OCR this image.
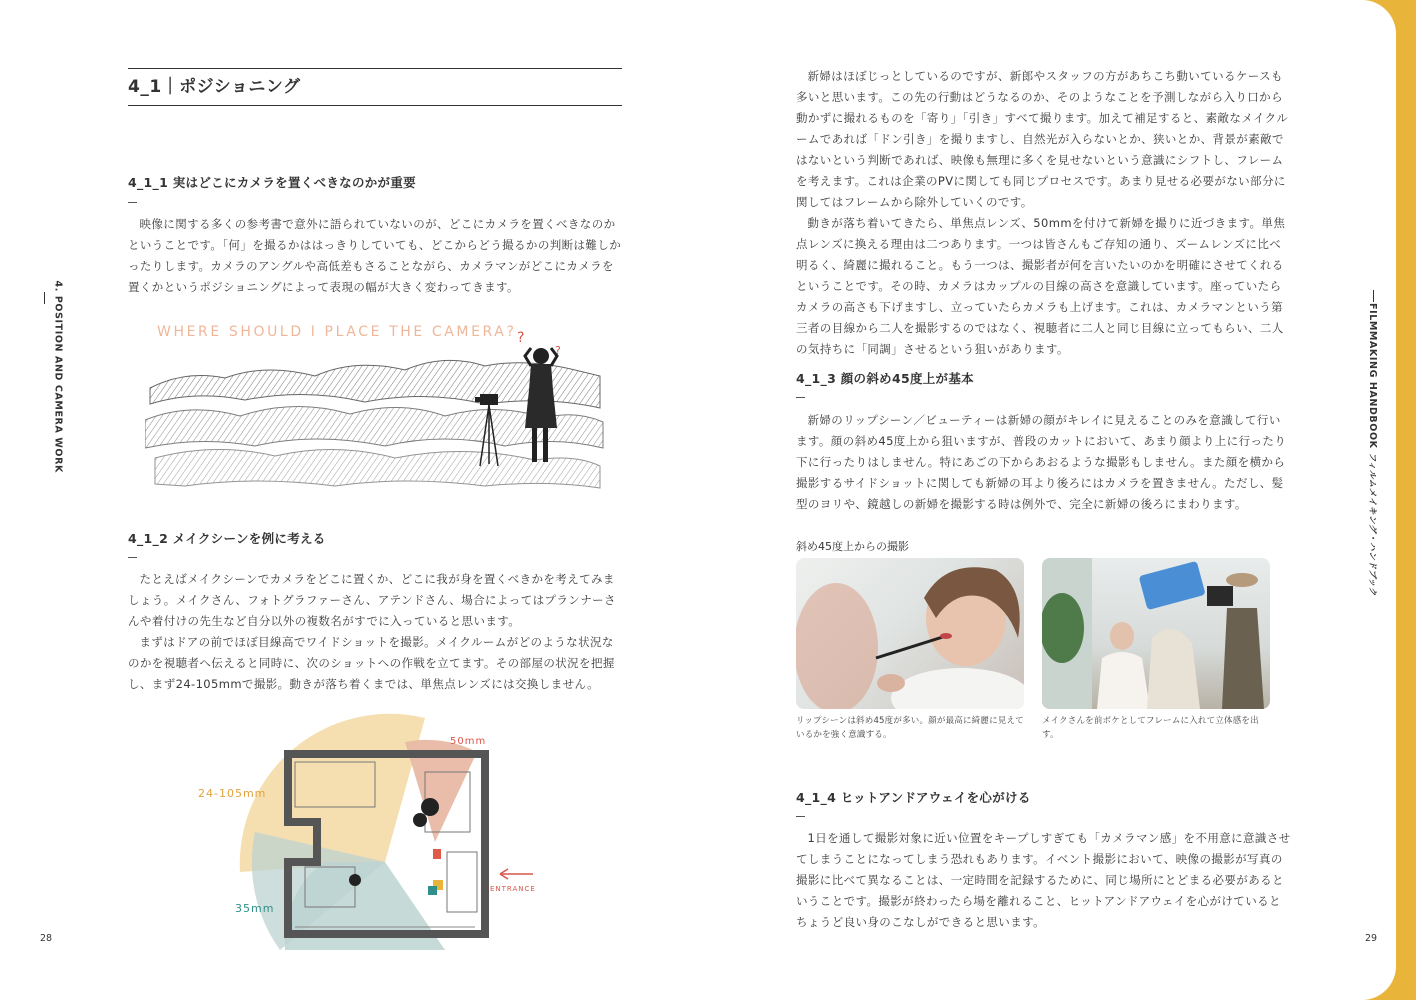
4_1｜ポジショニング
4. POSITION AND CAMERA WORK
4_1_1 実はどこにカメラを置くべきなのかが重要

映像に関する多くの参考書で意外に語られていないのが、どこにカメラを置くべきなのかということです。「何」を撮るかははっきりしていても、どこからどう撮るかの判断は難しかったりします。カメラのアングルや高低差もさることながら、カメラマンがどこにカメラを置くかというポジショニングによって表現の幅が大きく変わってきます。

WHERE SHOULD I PLACE THE CAMERA? ?
?
4_1_2 メイクシーンを例に考える

たとえばメイクシーンでカメラをどこに置くか、どこに我が身を置くべきかを考えてみましょう。メイクさん、フォトグラファーさん、アテンドさん、場合によってはプランナーさんや着付けの先生など自分以外の複数名がすでに入っていると思います。

まずはドアの前でほぼ目線高でワイドショットを撮影。メイクルームがどのような状況なのかを視聴者へ伝えると同時に、次のショットへの作戦を立てます。その部屋の状況を把握し、まず24-105mmで撮影。動きが落ち着くまでは、単焦点レンズには交換しません。

50mm
24-105mm
35mm
ENTRANCE
28

新婦はほぼじっとしているのですが、新郎やスタッフの方があちこち動いているケースも多いと思います。この先の行動はどうなるのか、そのようなことを予測しながら入り口から動かずに撮れるものを「寄り」「引き」すべて撮ります。加えて補足すると、素敵なメイクルームであれば「ドン引き」を撮りますし、自然光が入らないとか、狭いとか、背景が素敵ではないという判断であれば、映像も無理に多くを見せないという意識にシフトし、フレームを考えます。これは企業のPVに関しても同じプロセスです。あまり見せる必要がない部分に関してはフレームから除外していくのです。

動きが落ち着いてきたら、単焦点レンズ、50mmを付けて新婦を撮りに近づきます。単焦点レンズに換える理由は二つあります。一つは皆さんもご存知の通り、ズームレンズに比べ明るく、綺麗に撮れること。もう一つは、撮影者が何を言いたいのかを明確にさせてくれるということです。その時、カメラはカップルの目線の高さを意識しています。座っていたらカメラの高さも下げますし、立っていたらカメラも上げます。これは、カメラマンという第三者の目線から二人を撮影するのではなく、視聴者に二人と同じ目線に立ってもらい、二人の気持ちに「同調」させるという狙いがあります。

4_1_3 顔の斜め45度上が基本

新婦のリップシーン／ビューティーは新婦の顔がキレイに見えることのみを意識して行います。顔の斜め45度上から狙いますが、普段のカットにおいて、あまり顔より上に行ったり下に行ったりはしません。特にあごの下からあおるような撮影もしません。また顔を横から撮影するサイドショットに関しても新婦の耳より後ろにはカメラを置きません。ただし、髪型のヨリや、鏡越しの新婦を撮影する時は例外で、完全に新婦の後ろにまわります。

斜め45度上からの撮影
リップシーンは斜め45度が多い。顔が最高に綺麗に見えているかを強く意識する。
メイクさんを前ボケとしてフレームに入れて立体感を出す。
4_1_4 ヒットアンドアウェイを心がける

1日を通して撮影対象に近い位置をキープしすぎても「カメラマン感」を不用意に意識させてしまうことになってしまう恐れもあります。イベント撮影において、映像の撮影が写真の撮影に比べて異なることは、一定時間を記録するために、同じ場所にとどまる必要があるということです。撮影が終わったら場を離れること、ヒットアンドアウェイを心がけているとちょうど良い身のこなしができると思います。

FILMMAKING HANDBOOK フィルムメイキング・ハンドブック
29
